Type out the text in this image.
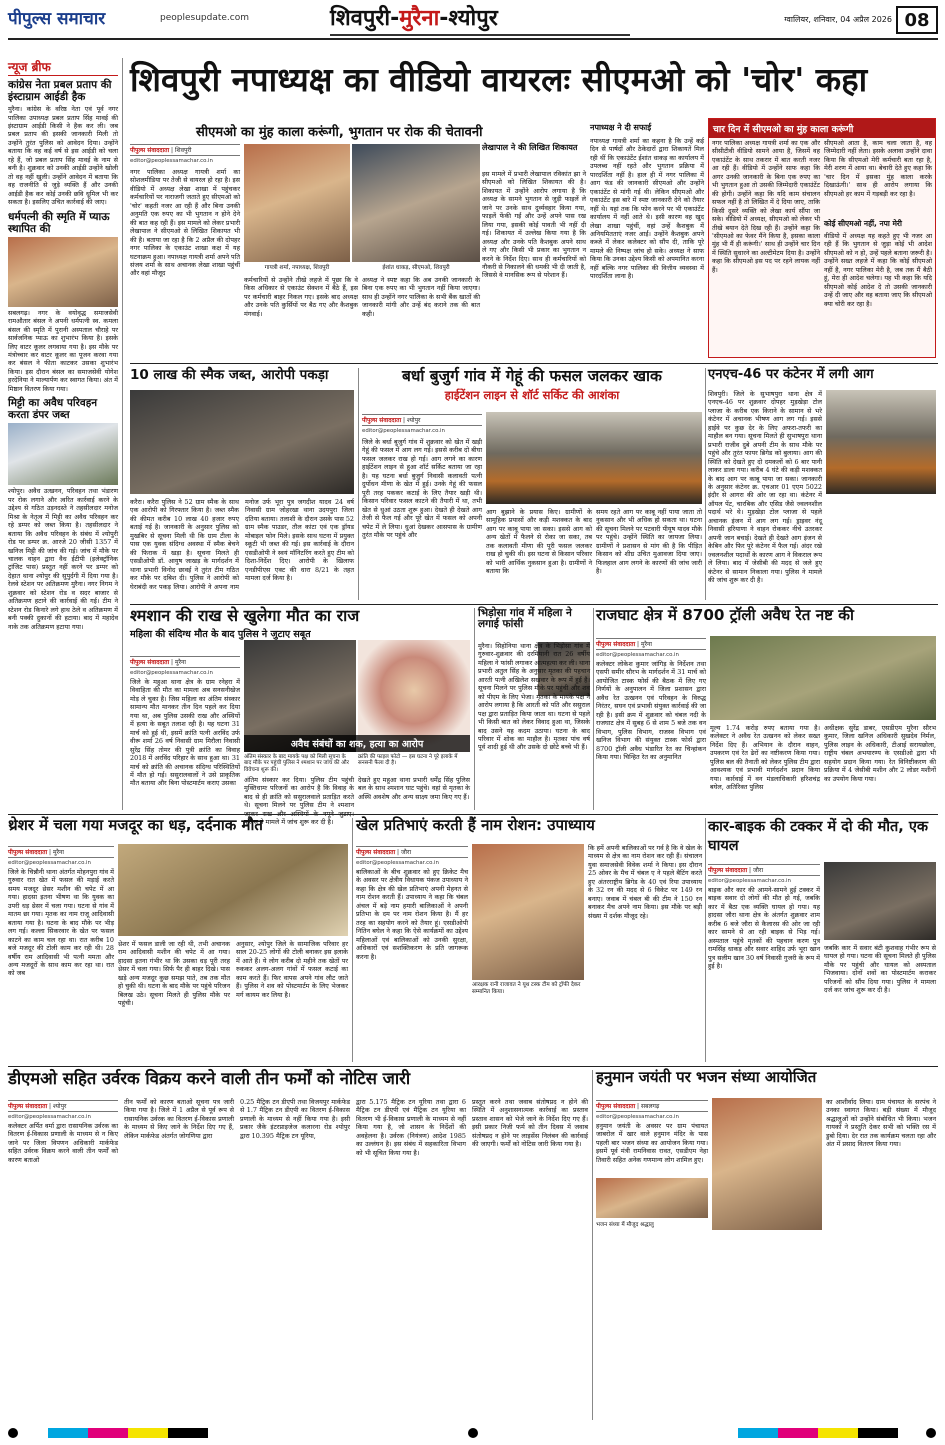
पीपुल्स समाचार	peoplesupdate.com	शिवपुरी-मुरैना-श्योपुर	ग्वालियर, शनिवार, 04 अप्रैल 2026 08
न्यूज ब्रीफ
कांग्रेस नेता प्रबल प्रताप की इंस्टाग्राम आईडी हैक
मुरैना। कांग्रेस के वरिष्ठ नेता एवं पूर्व नगर पालिका उपाध्यक्ष प्रबल प्रताप सिंह मावई की इंस्टाग्राम आईडी किसी ने हैक कर ली। जब प्रबल प्रताप की इसकी जानकारी मिली तो उन्होंने तुरंत पुलिस को आवेदन दिया। उन्होंने बताया कि वह कई वर्ष से इस आईडी को चला रहे हैं, जो प्रबल प्रताप सिंह मावई के नाम से बनी है। शुक्रवार को उनकी आईडी उन्होंने खोली तो वह नहीं खुली। उन्होंने आवेदन में बताया कि वह राजनीति से जुड़े व्यक्ति हैं और उनकी आईडी हैक कर कोई उनकी छवि धूमिल भी कर सकता है। इसलिए उचित कार्रवाई की जाए।
धर्मपत्नी की स्मृति में प्याऊ स्थापित की
सबलगढ़। नगर के वयोवृद्ध समाजसेवी रामऔतार बंसल ने अपनी धर्मपत्नी स्व. कमला बंसल की स्मृति में पुरानी अस्पताल चौराहे पर सार्वजनिक प्याऊ का शुभारंभ किया है। इसके लिए वाटर कूलर लगवाया गया है। इस मौके पर मंत्रोच्चार कर वाटर कूलर का पूजन करवा गया कर बंसल ने फीता काटकर उसका शुभारंभ किया। इस दौरान बंसल का समाजसेवी योगेश हरदेनिया ने माल्यार्पण कर स्वागत किया। अंत में मिष्ठान वितरण किया गया।
मिट्टी का अवैध परिवहन करता डंपर जब्त
श्योपुर। अवैध उत्खनन, परिवहन तथा भंडारण पर रोक लगाने और त्वरित कार्रवाई करने के उद्देश्य से गठित उड़नदस्ते ने तहसीलदार मनोज मिश्रा के नेतृत्व में मिट्टी का अवैध परिवहन कर रहे डम्पर को जब्त किया है। तहसीलदार ने बताया कि अवैध परिवहन के संबंध में श्योपुरी रोड पर डम्पर क्र. आरजे 20 जीसी 1357 में खनिज मिट्टी की जांच की गई। जांच में मौके पर चालक वाहन द्वारा वैध ईटीपी (इलेक्ट्रॉनिक ट्रांजिट पास) प्रस्तुत नहीं करने पर डम्पर को देहात थाना श्योपुर की सुपुर्दगी में दिया गया है। रेलवे स्टेशन पर अतिक्रमण मुरैना। नगर निगम ने शुक्रवार को स्टेशन रोड व सदर बाजार से अतिक्रमण हटाने की कार्रवाई की गई। टीम ने स्टेशन रोड किनारे लगे हाथ ठेले व अतिक्रमण में बनी पक्की दुकानों की हटाया। बाद में महादेव नाके तक अतिक्रमण हटाया गया।
शिवपुरी नपाध्यक्ष का वीडियो वायरलः सीएमओ को 'चोर' कहा
सीएमओ का मुंह काला करूंगी, भुगतान पर रोक की चेतावनी
पीपुल्स संवाददाता | शिवपुरी
editor@peoplessamachar.co.in
नगर पालिका अध्यक्ष गायत्री शर्मा का सोशलमीडिया पर तेजी से वायरल हो रहा है। इस वीडियो में अध्यक्ष लेखा शाखा में पहुंचकर कर्मचारियों पर नाराजगी जताते हुए सीएमओ को 'चोर' कहती नजर आ रही हैं और बिना उनकी अनुमति एक रुपए का भी भुगतान न होने देने की बात कह रही हैं। इस मामले को लेकर प्रभारी लेखापाल ने सीएमओ से लिखित शिकायत भी की है। बताया जा रहा है कि 2 अप्रैल की दोपहर नगर पालिका के एकाउंट शाखा कक्ष में यह घटनाक्रम हुआ। नपाध्यक्ष गायत्री शर्मा अपने पति संजय शर्मा के साथ अचानक लेखा शाखा पहुंचीं और वहां मौजूद
गायत्री शर्मा, नपाध्यक्ष, शिवपुरी	ईशांत धाकड़, सीएमओ, शिवपुरी
कर्मचारियों से उन्होंने तीखे लहजे में पूछा कि वे किस अधिकार से एकाउंट सेक्शन में बैठे हैं, इस पर कर्मचारी बाहर निकल गए। इसके बाद अध्यक्ष और उनके पति कुर्सियों पर बैठ गए और कैशबुक मंगवाई।
अध्यक्ष ने स्पष्ट कहा कि अब उनकी जानकारी के बिना एक रुपए का भी भुगतान नहीं किया जाएगा। साथ ही उन्होंने नगर पालिका के सभी बैंक खातों की जानकारी मांगी और उन्हें बंद कराने तक की बात कही।
लेखापाल ने की लिखित शिकायत
इस मामले में प्रभारी लेखापाल रविकांत झा ने सीएमओ को लिखित शिकायत की है। शिकायत में उन्होंने आरोप लगाया है कि अध्यक्ष के सामने भुगतान से जुड़ी फाइलें ले जाने पर उनके साथ दुर्व्यवहार किया गया, फाइलें फेंकी गईं और उन्हें अपने पास रख लिया गया, इसकी कोई पावती भी नहीं दी गई। शिकायत में उल्लेख किया गया है कि अध्यक्ष और उनके पति कैशबुक अपने साथ ले गए और किसी भी प्रकार का भुगतान न करने के निर्देश दिए। साथ ही कर्मचारियों को नौकरी से निकालने की धमकी भी दी जाती है, जिससे वे मानसिक रूप से परेशान हैं।
नपाध्यक्ष ने दी सफाई
नपाध्यक्ष गायत्री शर्मा का कहना है कि उन्हें कई दिन से पार्षदों और ठेकेदारों द्वारा शिकायतें मिल रही थीं कि एकाउंटेंट ईशांत धाकड़ का कार्यालय में उपलब्ध नहीं रहते और भुगतान प्रक्रिया में पारदर्शिता नहीं है। हाल ही में नगर पालिका में आग फंड की जानकारी सीएमओ और उन्होंने एकाउंटेंट से मांगी गई थी। लेकिन सीएमओ और एकाउंटेंट इस बारे में स्पष्ट जानकारी देने को तैयार नहीं थे। यहां तक कि फोन करने पर भी एकाउंटेंट कार्यालय में नहीं आते थे। इसी कारण वह खुद लेखा शाखा पहुंचीं, वहां उन्हें कैशबुक में अनियमितताएं नजर आईं। उन्होंने कैशबुक अपने कब्जे में लेकर कलेक्टर को सौंप दी, ताकि पूरे मामले की निष्पक्ष जांच हो सके। अध्यक्ष ने साफ किया कि उनका उद्देश्य किसी को अपमानित करना नहीं बल्कि नगर पालिका की वित्तीय व्यवस्था में पारदर्शिता लाना है।
चार दिन में सीएमओ का मुंह काला करूंगी
नगर पालिका अध्यक्ष गायत्री शर्मा का एक और सीसीटीवी वीडियो सामने आया है, जिसमें वह एकाउंटेंट के साथ तकरार में बात करती नजर आ रही हैं। वीडियो में उन्होंने साफ कहा कि अगर उनकी जानकारी के बिना एक रुपए का भी भुगतान हुआ तो उसकी जिम्मेदारी एकाउंटेंट की होगी। उन्होंने कहा कि यदि काम संचालन सफल नहीं है तो लिखित में दे दिया जाए, ताकि किसी दूसरे व्यक्ति को लेखा कार्य सौंपा जा सके। वीडियो में अध्यक्ष, सीएमओ को लेकर भी तीखे बयान देते दिख रही हैं। उन्होंने कहा कि 'सीएमओ का फेवर मैंने किया है, इसका काला मुंह भी मैं ही करूंगी।' साथ ही उन्होंने चार दिन में स्थिति सुधारने का अल्टीमेटम दिया है। उन्होंने कहा कि सीएमओ इस पद पर रहने लायक नहीं हैं।
सीएमओ आता है, काम चला जाता है, वह जिम्मेदारी नहीं लेता। इसके अलावा उन्होंने दावा किया कि सीएमओ मेरी कर्मचारी बता रहा है, मेरी शरण में आया था। बेचारी देते हुए कहा कि 'चार दिन में इसका मुंह काला करके दिखाऊंगी।' साथ ही आरोप लगाया कि सीएमओ हर काम में गड़बड़ी कर रहा है।
कोई सीएमओ नहीं, नपा मेरी
वीडियो में अध्यक्ष यह कहते हुए भी नजर आ रही हैं कि भुगतान से जुड़ा कोई भी आदेश सीएमओ को न हो, उन्हें पहले बताना जरूरी है। उन्होंने सख्त लहजे में कहा कि कोई सीएमओ नहीं है, नगर पालिका मेरी है, जब तक मैं बैठी हूं, मेरा ही आदेश चलेगा। यह भी कहा कि यदि सीएमओ कोई आदेश दे तो उसकी जानकारी उन्हें दी जाए और वह बताया जाए कि सीएमओ क्या चोरी कर रहा है।
10 लाख की स्मैक जब्त, आरोपी पकड़ा
करैरा। करैरा पुलिस ने 52 ग्राम स्मैक के साथ एक आरोपी को गिरफ्तार किया है। जब्त स्मैक की कीमत करीब 10 लाख 40 हजार रुपए बताई गई है। जानकारी के अनुसार पुलिस को मुखबिर से सूचना मिली थी कि ग्राम टीला के पास एक युवक संदिग्ध अवस्था में स्मैक बेचने की फिराक में खड़ा है। सूचना मिलते ही एसडीओपी डॉ. आयुष जाखड़ के मार्गदर्शन में थाना प्रभारी विनोद छावई ने तुरंत टीम गठित कर मौके पर दबिश दी। पुलिस ने आरोपी को घेराबंदी कर पकड़ लिया। आरोपी ने अपना नाम मनोज उर्फ भूरा पुत्र जगदीश यादव 24 वर्ष निवासी ग्राम जोहरखा थाना उदयपुरा जिला दतिया बताया। तलाशी के दौरान उसके पास 52 ग्राम स्मैक पाउडर, तौल कांटा एवं एक ड्रॉयड मोबाइल फोन मिले। इसके साथ घटना में प्रयुक्त स्कूटी भी जब्त की गई। इस कार्रवाई के दौरान एसडीओपी ने स्वयं मॉनिटरिंग करते हुए टीम को दिशा-निर्देश दिए। आरोपी के खिलाफ एनडीपीएस एक्ट की धारा 8/21 के तहत मामला दर्ज किया है।
बर्धा बुजुर्ग गांव में गेहूं की फसल जलकर खाक
हाईटेंशन लाइन से शॉर्ट सर्किट की आशंका
पीपुल्स संवाददाता | श्योपुर
editor@peoplessamachar.co.in
जिले के बर्धा बुजुर्ग गांव में शुक्रवार को खेत में खड़ी गेहूं की फसल में आग लग गई। इससे करीब दो बीघा फसल जलकर राख हो गई। आग लगने का कारण हाईटेंशन लाइन से हुआ शॉर्ट सर्किट बताया जा रहा है। यह घटना बर्धा बुजुर्ग निवासी कलावती पत्नी दुर्योधन मीणा के खेत में हुई। उनके गेहूं की फसल पूरी तरह पककर कटाई के लिए तैयार खड़ी थी। किसान परिवार फसल काटने की तैयारी में था, तभी खेत से धुआं उठता शुरू हुआ। देखते ही देखते आग तेजी से फैल गई और पूरे खेत में फसल को अपनी चपेट में ले लिया। धुआं देखकर आसपास के ग्रामीण तुरंत मौके पर पहुंचे और
आग बुझाने के प्रयास किए। ग्रामीणों के सामूहिक प्रयासों और कड़ी मशक्कत के बाद आग पर काबू पाया जा सका। इससे आग को अन्य खेतों में फैलने से रोका जा सका, तब तक कलावती मीणा की पूरी फसल जलकर राख हो चुकी थी। इस घटना से किसान परिवार को भारी आर्थिक नुकसान हुआ है। ग्रामीणों ने बताया कि
समय रहते आग पर काबू नहीं पाया जाता तो नुकसान और भी अधिक हो सकता था। घटना की सूचना मिलने पर पटवारी पीयूष यादव मौके पर पहुंचे। उन्होंने स्थिति का जायजा लिया। ग्रामीणों ने प्रशासन से मांग की है कि पीड़ित किसान को शीघ्र उचित मुआवजा दिया जाए। फिलहाल आग लगने के कारणों की जांच जारी है।
एनएच-46 पर कंटेनर में लगी आग
शिवपुरी। जिले के सुभाषपुरा थाना क्षेत्र में एनएच-46 पर शुक्रवार दोपहर मुड़खेड़ा टोल प्लाजा के करीब एक किराने के सामान से भरे कंटेनर में अचानक भीषण आग लग गई। इससे हाईवे पर कुछ देर के लिए अफरा-तफरी का माहौल बन गया। सूचना मिलते ही सुभाषपुरा थाना प्रभारी राजीव दुबे अपनी टीम के साथ मौके पर पहुंचे और तुरंत फायर ब्रिगेड को बुलाया। आग की स्थिति को देखते हुए दो दमकलों को 6 बार पानी लाकर डाला गया। करीब 4 घंटे की कड़ी मशक्कत के बाद आग पर काबू पाया जा सका। जानकारी के अनुसार कंटेनर क्र. एचआर 01 एएम 5022 इंदौर से आगरा की ओर जा रहा था। कंटेनर में ऑयल पेंट, चारबिक और एसिड जैसे ज्वलनशील पदार्थ भरे थे। मुड़खेड़ा टोल प्लाजा से पहले अचानक इंजन में आग लग गई। ड्राइवर नंदू निवासी हरियाणा ने वाहन रोककर नीचे उतरकर अपनी जान बचाई। देखते ही देखते आग इंजन से केबिन और फिर पूरे कंटेनर में फैल गई। अंदर रखे ज्वलनशील पदार्थों के कारण आग ने विकराल रूप ले लिया। बाद में जेसीबी की मदद से जले हुए कंटेनर से सामान निकाला गया। पुलिस ने मामले की जांच शुरू कर दी है।
श्मशान की राख से खुलेगा मौत का राज
महिला की संदिग्ध मौत के बाद पुलिस ने जुटाए सबूत
पीपुल्स संवाददाता | मुरैना
editor@peoplessamachar.co.in
जिले के महुआ थाना क्षेत्र के ग्राम रनेहरा में विवाहिता की मौत का मामला अब सनसनीखेज मोड़ ले चुका है। जिस महिला का अंतिम संस्कार सामान्य मौत मानकर तीन दिन पहले कर दिया गया था, अब पुलिस उसकी राख और अस्थियों में हत्या के सबूत तलाश रही है। यह घटना 31 मार्च को हुई थी, इसमें क्रांति पत्नी अरविंद उर्फ वीरू शर्मा 26 वर्ष निवासी ग्राम मिरौला निवासी सुरेंद्र सिंह तोमर की पुत्री क्रांति का विवाह 2018 में अरविंद परिहार के साथ हुआ था। 31 मार्च को क्रांति की अचानक संदिग्ध परिस्थितियों में मौत हो गई। ससुरालवालों ने उसे प्राकृतिक मौत बताया और बिना पोस्टमार्टम कराए उसका
अवैध संबंधों का शक, हत्या का आरोप
अंतिम संस्कार के बाद मायके पक्ष को मिली सूचना के बाद मौके पर पहुंची पुलिस ने श्मशान पर जांच की और विवेचना शुरू की।
क्रांति की फाइल फोटो — इस घटना ने पूरे इलाके में सनसनी फैला दी है।
अंतिम संस्कार कर दिया। पुलिस टीम पहुंची मुक्तिधामः परिजनों का आरोप है कि विवाह के बाद से ही क्रांति को ससुरालवाले प्रताड़ित करते थे। सूचना मिलने पर पुलिस टीम ने श्मशान पुलिस ने मामले में जांच शुरू कर दी है।
देखते हुए महुआ थाना प्रभारी धर्मेंद्र सिंह पुलिस बल के साथ श्मशान घाट पहुंचे। वहां से मृतका के अस्थि अवशेष और अन्य साक्ष्य जमा किए गए हैं।
भिड़ोसा गांव में महिला ने लगाई फांसी
मुरैना। सिहोनिया थाना क्षेत्र के भिड़ोसा गांव में गुरुवार-शुक्रवार की दरमियानी रात 26 वर्षीय महिला ने फांसी लगाकर आत्महत्या कर ली। थाना प्रभारी अतुल सिंह के अनुसार मृतका की पहचान आरती पत्नी अखिलेश सखवार के रूप में हुई है। सूचना मिलने पर पुलिस मौके पर पहुंची और शव को पीएम के लिए भेजा। मृतका के मायके पक्ष ने आरोप लगाया है कि आरती को पति और ससुराल पक्ष द्वारा प्रताड़ित किया जाता था। घटना से पहले भी किसी बात को लेकर विवाद हुआ था, जिसके बाद उसने यह कदम उठाया। घटना के बाद परिवार में शोक का माहौल है। मृतका पांच वर्ष पूर्व शादी हुई थी और उसके दो छोटे बच्चे भी हैं।
राजघाट क्षेत्र में 8700 ट्रॉली अवैध रेत नष्ट की
पीपुल्स संवाददाता | मुरैना
editor@peoplessamachar.co.in
कलेक्टर लोकेश कुमार जांगिड़ के निर्देशन तथा एसपी समीर सौरभ के मार्गदर्शन में 31 मार्च को आयोजित टास्क फोर्स की बैठक में लिए गए निर्णयों के अनुपालन में जिला प्रशासन द्वारा अवैध रेत उत्खनन एवं परिवहन के विरुद्ध निरंतर, सघन एवं प्रभावी संयुक्त कार्रवाई की जा रही है। इसी क्रम में शुक्रवार को चंबल नदी के राजघाट क्षेत्र में सुबह 6 से शाम 5 बजे तक वन विभाग, पुलिस विभाग, राजस्व विभाग एवं खनिज विभाग की संयुक्त टास्क फोर्स द्वारा 8700 ट्रॉली अवैध भंडारित रेत का चिन्हांकन किया गया। चिन्हित रेत का अनुमानित
मूल्य 1.74 करोड़ रुपए बताया गया है। कलेक्टर ने अवैध रेत उत्खनन को लेकर सख्त निर्देश दिए हैं। अभियान के दौरान वाहन, उपकरण एवं रेत ढेरों का नष्टीकरण किया गया। पुलिस बल की तैनाती को लेकर पुलिस टीम द्वारा आवश्यक एवं प्रभावी मार्गदर्शन प्रदान किया गया। कार्रवाई में वन मंडलाधिकारी हरिशचंद्र बघेल, अतिरिक्त पुलिस
अधीक्षक सुरेंद्र डाबर, एसडीएम मुरैना सौरभ कुमार, जिला खनिज अधिकारी सुखदेव निर्मल, पुलिस लाइन के अधिकारी, टीआई सरायछोला, राष्ट्रीय चंबल अभयारण्य के एसडीओ द्वारा भी सहयोग प्रदान किया गया। रेत विनिष्टीकरण की प्रक्रिया में 4 जेसीबी मशीन और 2 लोडर मशीनों का उपयोग किया गया।
थ्रेशर में चला गया मजदूर का धड़, दर्दनाक मौत
पीपुल्स संवाददाता | मुरैना
editor@peoplessamachar.co.in
जिले के चिन्नौनी थाना अंतर्गत मोहनपुरा गांव में गुरुवार रात खेत में फसल की मड़ाई करते समय मजदूर थ्रेसर मशीन की चपेट में आ गया। हादसा इतना भीषण था कि युवक का उपरी धड़ थ्रेसर में चला गया। घटना से गांव में मातम छा गया। मृतक का नाम राजू आदिवासी बताया गया है। घटना के बाद मौके पर भीड़ लग गई। कल्ला सिकरवार के खेत पर फसल काटने का काम चल रहा था। रात करीब 10 बजे मजदूर की टोली काम कर रही थी। 28 वर्षीय राम आदिवासी भी पत्नी ममता और अन्य मजदूरों के साथ काम कर रहा था। रात को जब
थ्रेशर में फसल डाली जा रही थी, तभी अचानक राम आदिवासी मशीन की चपेट में आ गया। हादसा इतना गंभीर था कि उसका धड़ पूरी तरह थ्रेसर में चला गया। सिर्फ पैर ही बाहर दिखे। पास खड़े अन्य मजदूर कुछ समझ पाते, तब तक मौत हो चुकी थी। घटना के बाद मौके पर पहुंचे परिजन बिलख उठे। सूचना मिलते ही पुलिस मौके पर पहुंची।
अनुसार, श्योपुर जिले के सामाजिक परिवार हर साल 20-25 लोगों की टोली बनाकर इस इलाके में आते हैं। ये लोग करीब दो महीने तक खेतों पर रुककर अलग-अलग गांवों में फसल कटाई का काम करते हैं। फिर वापस अपने गांव लौट जाते हैं। पुलिस ने शव को पोस्टमार्टम के लिए भेजकर मर्ग कायम कर लिया है।
खेल प्रतिभाएं करती हैं नाम रोशन: उपाध्याय
पीपुल्स संवाददाता | जौरा
editor@peoplessamachar.co.in
बालिकाओं के बीच शुक्रवार को हुए क्रिकेट मैच के अवसर पर क्षेत्रीय विधायक पंकज उपाध्याय ने कहा कि क्षेत्र की खेल प्रतिभाएं अपनी मेहनत से नाम रोशन करती हैं। उपाध्याय ने कहा कि चंबल अंचल में बड़े नाम हमारी बालिकाओं ने अपनी प्रतिभा के दम पर नाम रोशन किया है। मैं हर तरह का सहयोग करने को तैयार हूं। एसडीओपी नितिन बघेल ने कहा कि ऐसे कार्यक्रमों का उद्देश्य महिलाओं एवं बालिकाओं को उनकी सुरक्षा, अधिकारों एवं सशक्तिकरण के प्रति जागरूक करना है।
आरक्षक रानी राजावत ने यूथ टस्क टीम को ट्रॉफी देकर सम्मानित किया।
कि हमें अपनी बालिकाओं पर गर्व है कि वे खेल के माध्यम से क्षेत्र का नाम रोशन कर रही हैं। संचालन युवा समाजसेवी विवेक शर्मा ने किया। इस दौरान 25 ओवर के मैच में चंबल ए ने पहले बैटिंग करते हुए अंतरराष्ट्रीय ब्रिगेड के 40 एवं रिया उपाध्याय के 32 रन की मदद से 6 विकेट पर 149 रन बनाए। जवाब में चंबल बी की टीम ने 150 रन बनाकर मैच अपने नाम किया। इस मौके पर बड़ी संख्या में दर्शक मौजूद रहे।
कार-बाइक की टक्कर में दो की मौत, एक घायल
पीपुल्स संवाददाता | जौरा
editor@peoplessamachar.co.in
बाइक और कार की आमने-सामने हुई टक्कर में बाइक सवार दो लोगों की मौत हो गई, जबकि कार में बैठा एक व्यक्ति घायल हो गया। यह हादसा जौरा थाना क्षेत्र के अंतर्गत शुक्रवार शाम करीब 6 बजे जौरा से कैलारस की ओर जा रही कार सामने से आ रही बाइक से भिड़ गई। अस्पताल पहुंचे मृतकों की पहचान करण पुत्र रामसिंह धाकड़ और सवार शाहिद उर्फ भूरा खान पुत्र सलीम खान 30 वर्ष निवासी गुजरी के रूप में हुई है।
जबकि कार में सवार बंटी कुशवाह गंभीर रूप से घायल हो गया। घटना की सूचना मिलते ही पुलिस मौके पर पहुंची और घायल को अस्पताल भिजवाया। दोनों शवों का पोस्टमार्टम कराकर परिजनों को सौंप दिया गया। पुलिस ने मामला दर्ज कर जांच शुरू कर दी है।
डीएमओ सहित उर्वरक विक्रय करने वाली तीन फर्मों को नोटिस जारी
पीपुल्स संवाददाता | श्योपुर
editor@peoplessamachar.co.in
कलेक्टर अर्पित वर्मा द्वारा रासायनिक उर्वरक का वितरण ई-विकास प्रणाली के माध्यम से न किए जाने पर जिला विपणन अधिकारी मार्कफेड सहित उर्वरक विक्रय करने वाली तीन फर्मों को कारण बताओ
तीन फर्मों को कारण बताओ सूचना पत्र जारी किया गया है। जिले में 1 अप्रैल से पूर्व रूप से रासायनिक उर्वरक का वितरण ई-विकास प्रणाली के माध्यम से किए जाने के निर्देश दिए गए हैं, लेकिन मार्कफेड अंतर्गत जोगणिया द्वारा
0.25 मैट्रिक टन डीएपी तथा विजयपुर मार्कफेड से 1.7 मैट्रिक टन डीएपी का वितरण ई-विकास प्रणाली के माध्यम से नहीं किया गया है। इसी प्रकार जैके इंटरप्राइजेज कलारना रोड श्योपुर द्वारा 10.395 मैट्रिक टन यूरिया,
द्वारा 5.175 मैट्रिक टन यूरिया तथा द्वारा 6 मैट्रिक टन डीएपी एवं मैट्रिक टन यूरिया का वितरण भी ई-विकास प्रणाली के माध्यम से नहीं किया गया है, जो शासन के निर्देशों की अवहेलना है। उर्वरक (नियंत्रण) आदेश 1985 का उल्लंघन है। इस संबंध में सहकारिता विभाग को भी सूचित किया गया है।
प्रस्तुत करने तथा जवाब संतोषप्रद न होने की स्थिति में अनुशासनात्मक कार्रवाई का प्रस्ताव प्रस्ताव शासन को भेजे जाने के निर्देश दिए गए हैं। इसी प्रकार निजी फर्म को तीन दिवस में जवाब संतोषप्रद न होने पर लाइसेंस निलंबन की कार्रवाई की जाएगी। फर्मों को नोटिस जारी किया गया है।
हनुमान जयंती पर भजन संध्या आयोजित
पीपुल्स संवाददाता | सबलगढ़
editor@peoplessamachar.co.in
हनुमान जयंती के अवसर पर ग्राम पंचायत जाबरोल में खार वाले हनुमान मंदिर के पास पहली बार भजन संध्या का आयोजन किया गया। इसमें पूर्व मंत्री रामनिवास रावत, एसडीएम नेहा तिवारी सहित अनेक गणमान्य लोग शामिल हुए।
भजन संध्या में मौजूद श्रद्धालु
का आशीर्वाद लिया। ग्राम पंचायत के सरपंच ने उनका स्वागत किया। बड़ी संख्या में मौजूद श्रद्धालुओं को उन्होंने संबोधित भी किया। भजन गायकों ने प्रस्तुति देकर सभी को भक्ति रस में डुबो दिया। देर रात तक कार्यक्रम चलता रहा और अंत में प्रसाद वितरण किया गया।
